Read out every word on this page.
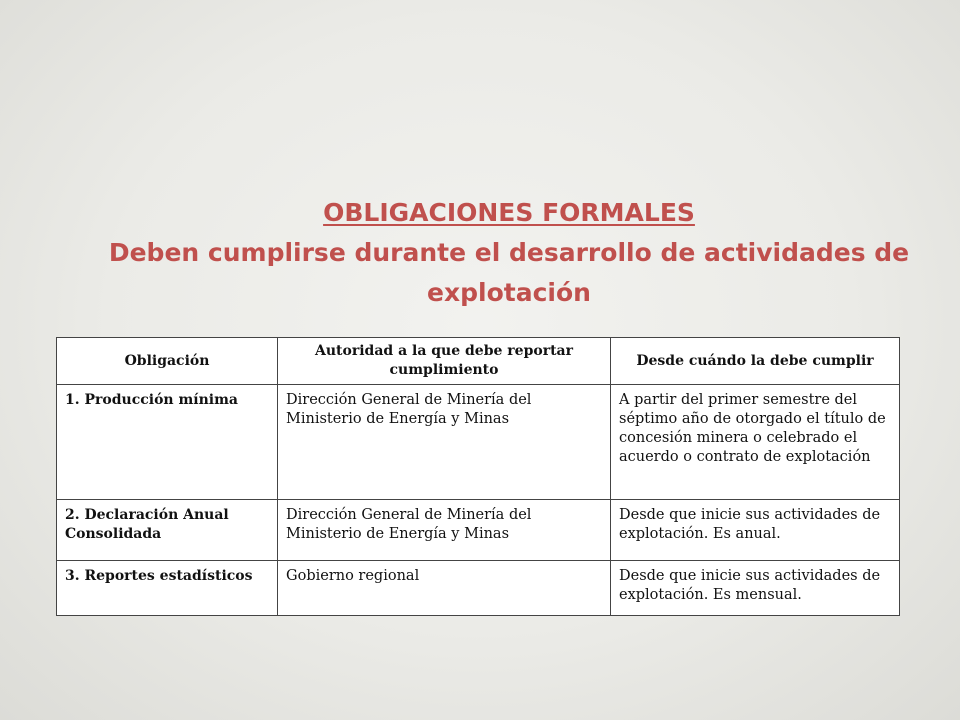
OBLIGACIONES FORMALES
Deben cumplirse durante el desarrollo de actividades de explotación
Obligación	Autoridad a la que debe reportar cumplimiento	Desde cuándo la debe cumplir
1. Producción mínima	Dirección General de Minería del Ministerio de Energía y Minas	A partir del primer semestre del séptimo año de otorgado el título de concesión minera o celebrado el acuerdo o contrato de explotación
2. Declaración Anual Consolidada	Dirección General de Minería del Ministerio de Energía y Minas	Desde que inicie sus actividades de explotación. Es anual.
3. Reportes estadísticos	Gobierno regional	Desde que inicie sus actividades de explotación. Es mensual.
